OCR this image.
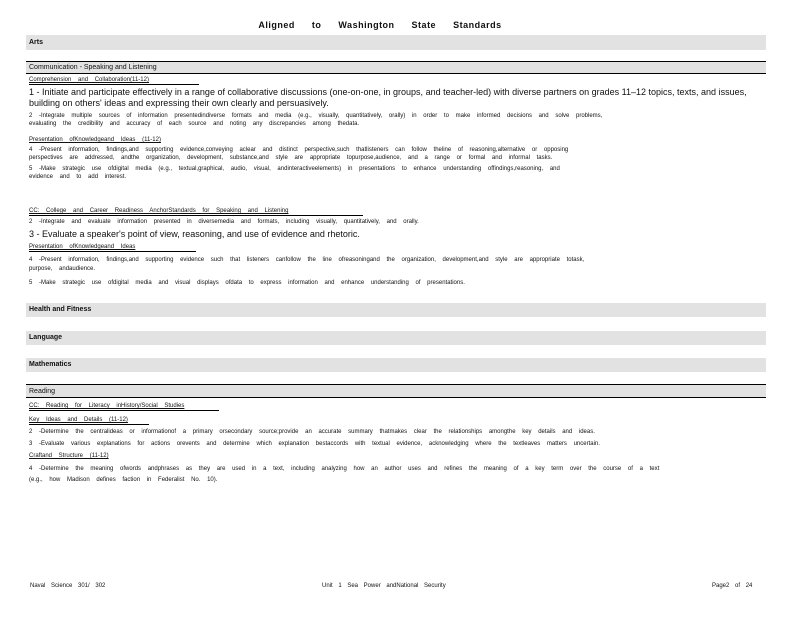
Aligned to Washington State Standards
Arts
Communication - Speaking and Listening
Comprehension and Collaboration(11-12)
1 - Initiate and participate effectively in a range of collaborative discussions (one-on-one, in groups, and teacher-led) with diverse partners on grades 11–12 topics, texts, and issues, building on others' ideas and expressing their own clearly and persuasively.
2 -Integrate multiple sources of information presentedindiverse formats and media (e.g., visually, quantitatively, orally) in order to make informed decisions and solve problems,
evaluating the credibility and accuracy of each source and noting any discrepancies among thedata.
Presentation ofKnowledgeand Ideas (11-12)
4 -Present information, findings,and supporting evidence,conveying aclear and distinct perspective,such thatlisteners can follow theline of reasoning,alternative or opposing
perspectives are addressed, andthe organization, development, substance,and style are appropriate topurpose,audience, and a range or formal and informal tasks.
5 -Make strategic use ofdigital media (e.g., textual,graphical, audio, visual, andinteractiveelements) in presentations to enhance understanding offindings,reasoning, and
evidence and to add interest.
CC: College and Career Readiness AnchorStandards for Speaking and Listening
2 -Integrate and evaluate information presented in diversemedia and formats, including visually, quantitatively, and orally.
3 - Evaluate a speaker's point of view, reasoning, and use of evidence and rhetoric.
Presentation ofKnowledgeand Ideas
4 -Present information, findings,and supporting evidence such that listeners canfollow the line ofreasoningand the organization, development,and style are appropriate totask,
purpose, andaudience.
5 -Make strategic use ofdigital media and visual displays ofdata to express information and enhance understanding of presentations.
Health and Fitness
Language
Mathematics
Reading
CC: Reading for Literacy inHistory/Social Studies
Key Ideas and Details (11-12)
2 -Determine the centralideas or informationof a primary orsecondary source;provide an accurate summary thatmakes clear the relationships amongthe key details and ideas.
3 -Evaluate various explanations for actions orevents and determine which explanation bestaccords with textual evidence, acknowledging where the textleaves matters uncertain.
Craftand Structure (11-12)
4 -Determine the meaning ofwords andphrases as they are used in a text, including analyzing how an author uses and refines the meaning of a key term over the course of a text
(e.g., how Madison defines faction in Federalist No. 10).
Naval Science 301/ 302	Unit 1 Sea Power andNational Security	Page2 of 24
